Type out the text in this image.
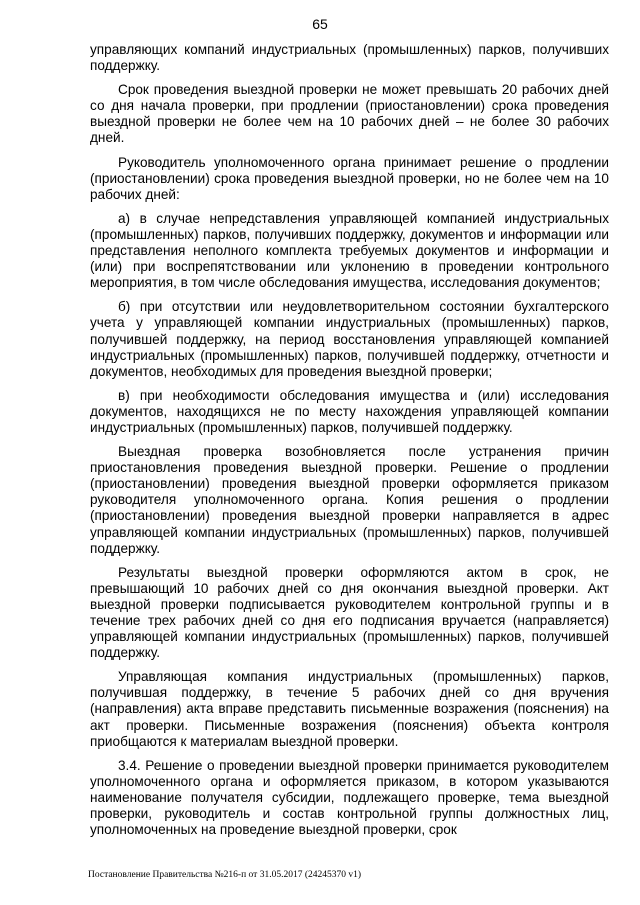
65

управляющих компаний индустриальных (промышленных) парков, получивших поддержку.

Срок проведения выездной проверки не может превышать 20 рабочих дней со дня начала проверки, при продлении (приостановлении) срока проведения выездной проверки не более чем на 10 рабочих дней – не более 30 рабочих дней.

Руководитель уполномоченного органа принимает решение о продлении (приостановлении) срока проведения выездной проверки, но не более чем на 10 рабочих дней:

а) в случае непредставления управляющей компанией индустриальных (промышленных) парков, получивших поддержку, документов и информации или представления неполного комплекта требуемых документов и информации и (или) при воспрепятствовании или уклонению в проведении контрольного мероприятия, в том числе обследования имущества, исследования документов;

б) при отсутствии или неудовлетворительном состоянии бухгалтерского учета у управляющей компании индустриальных (промышленных) парков, получившей поддержку, на период восстановления управляющей компанией индустриальных (промышленных) парков, получившей поддержку, отчетности и документов, необходимых для проведения выездной проверки;

в) при необходимости обследования имущества и (или) исследования документов, находящихся не по месту нахождения управляющей компании индустриальных (промышленных) парков, получившей поддержку.

Выездная проверка возобновляется после устранения причин приостановления проведения выездной проверки. Решение о продлении (приостановлении) проведения выездной проверки оформляется приказом руководителя уполномоченного органа. Копия решения о продлении (приостановлении) проведения выездной проверки направляется в адрес управляющей компании индустриальных (промышленных) парков, получившей поддержку.

Результаты выездной проверки оформляются актом в срок, не превышающий 10 рабочих дней со дня окончания выездной проверки. Акт выездной проверки подписывается руководителем контрольной группы и в течение трех рабочих дней со дня его подписания вручается (направляется) управляющей компании индустриальных (промышленных) парков, получившей поддержку.

Управляющая компания индустриальных (промышленных) парков, получившая поддержку, в течение 5 рабочих дней со дня вручения (направления) акта вправе представить письменные возражения (пояснения) на акт проверки. Письменные возражения (пояснения) объекта контроля приобщаются к материалам выездной проверки.

3.4. Решение о проведении выездной проверки принимается руководителем уполномоченного органа и оформляется приказом, в котором указываются наименование получателя субсидии, подлежащего проверке, тема выездной проверки, руководитель и состав контрольной группы должностных лиц, уполномоченных на проведение выездной проверки, срок

Постановление Правительства №216-п от 31.05.2017 (24245370 v1)
